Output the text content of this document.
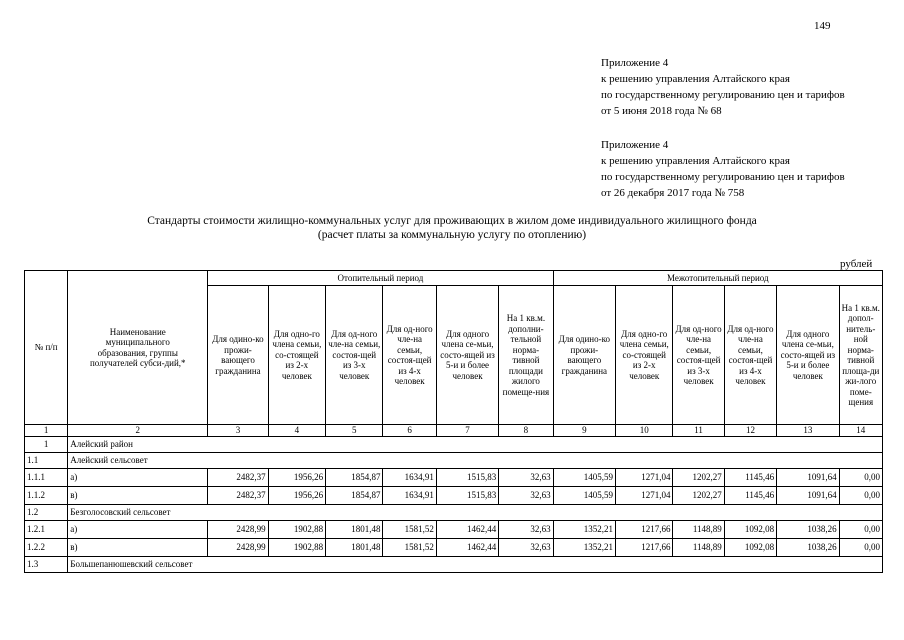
149
Приложение 4
к решению управления Алтайского края
по государственному регулированию цен и тарифов
от 5 июня 2018 года № 68
Приложение 4
к решению управления Алтайского края
по государственному регулированию цен и тарифов
от 26 декабря 2017 года № 758
Стандарты стоимости жилищно-коммунальных услуг для проживающих в жилом доме индивидуального жилищного фонда
(расчет платы за коммунальную услугу по отоплению)
рублей
№ п/п	Наименование муниципального образования, группы получателей субси-дий,*	Отопительный период						Межотопительный период					
		Для одино-ко прожи-вающего гражданина	Для одно-го члена семьи, со-стоящей из 2-х человек	Для од-ного чле-на семьи, состоя-щей из 3-х человек	Для од-ного чле-на семьи, состоя-щей из 4-х человек	Для одного члена се-мьи, состо-ящей из 5-и и более человек	На 1 кв.м. дополни-тельной норма-тивной площади жилого помеще-ния	Для одино-ко прожи-вающего гражданина	Для одно-го члена семьи, со-стоящей из 2-х человек	Для од-ного чле-на семьи, состоя-щей из 3-х человек	Для од-ного чле-на семьи, состоя-щей из 4-х человек	Для одного члена се-мьи, состо-ящей из 5-и и более человек	На 1 кв.м. допол-нитель-ной норма-тивной площа-ди жи-лого поме-щения
1	2	3	4	5	6	7	8	9	10	11	12	13	14
1	Алейский район												
1.1	Алейский сельсовет												
1.1.1	а)	2482,37	1956,26	1854,87	1634,91	1515,83	32,63	1405,59	1271,04	1202,27	1145,46	1091,64	0,00
1.1.2	в)	2482,37	1956,26	1854,87	1634,91	1515,83	32,63	1405,59	1271,04	1202,27	1145,46	1091,64	0,00
1.2	Безголосовский сельсовет												
1.2.1	а)	2428,99	1902,88	1801,48	1581,52	1462,44	32,63	1352,21	1217,66	1148,89	1092,08	1038,26	0,00
1.2.2	в)	2428,99	1902,88	1801,48	1581,52	1462,44	32,63	1352,21	1217,66	1148,89	1092,08	1038,26	0,00
1.3	Большепанюшевский сельсовет												
